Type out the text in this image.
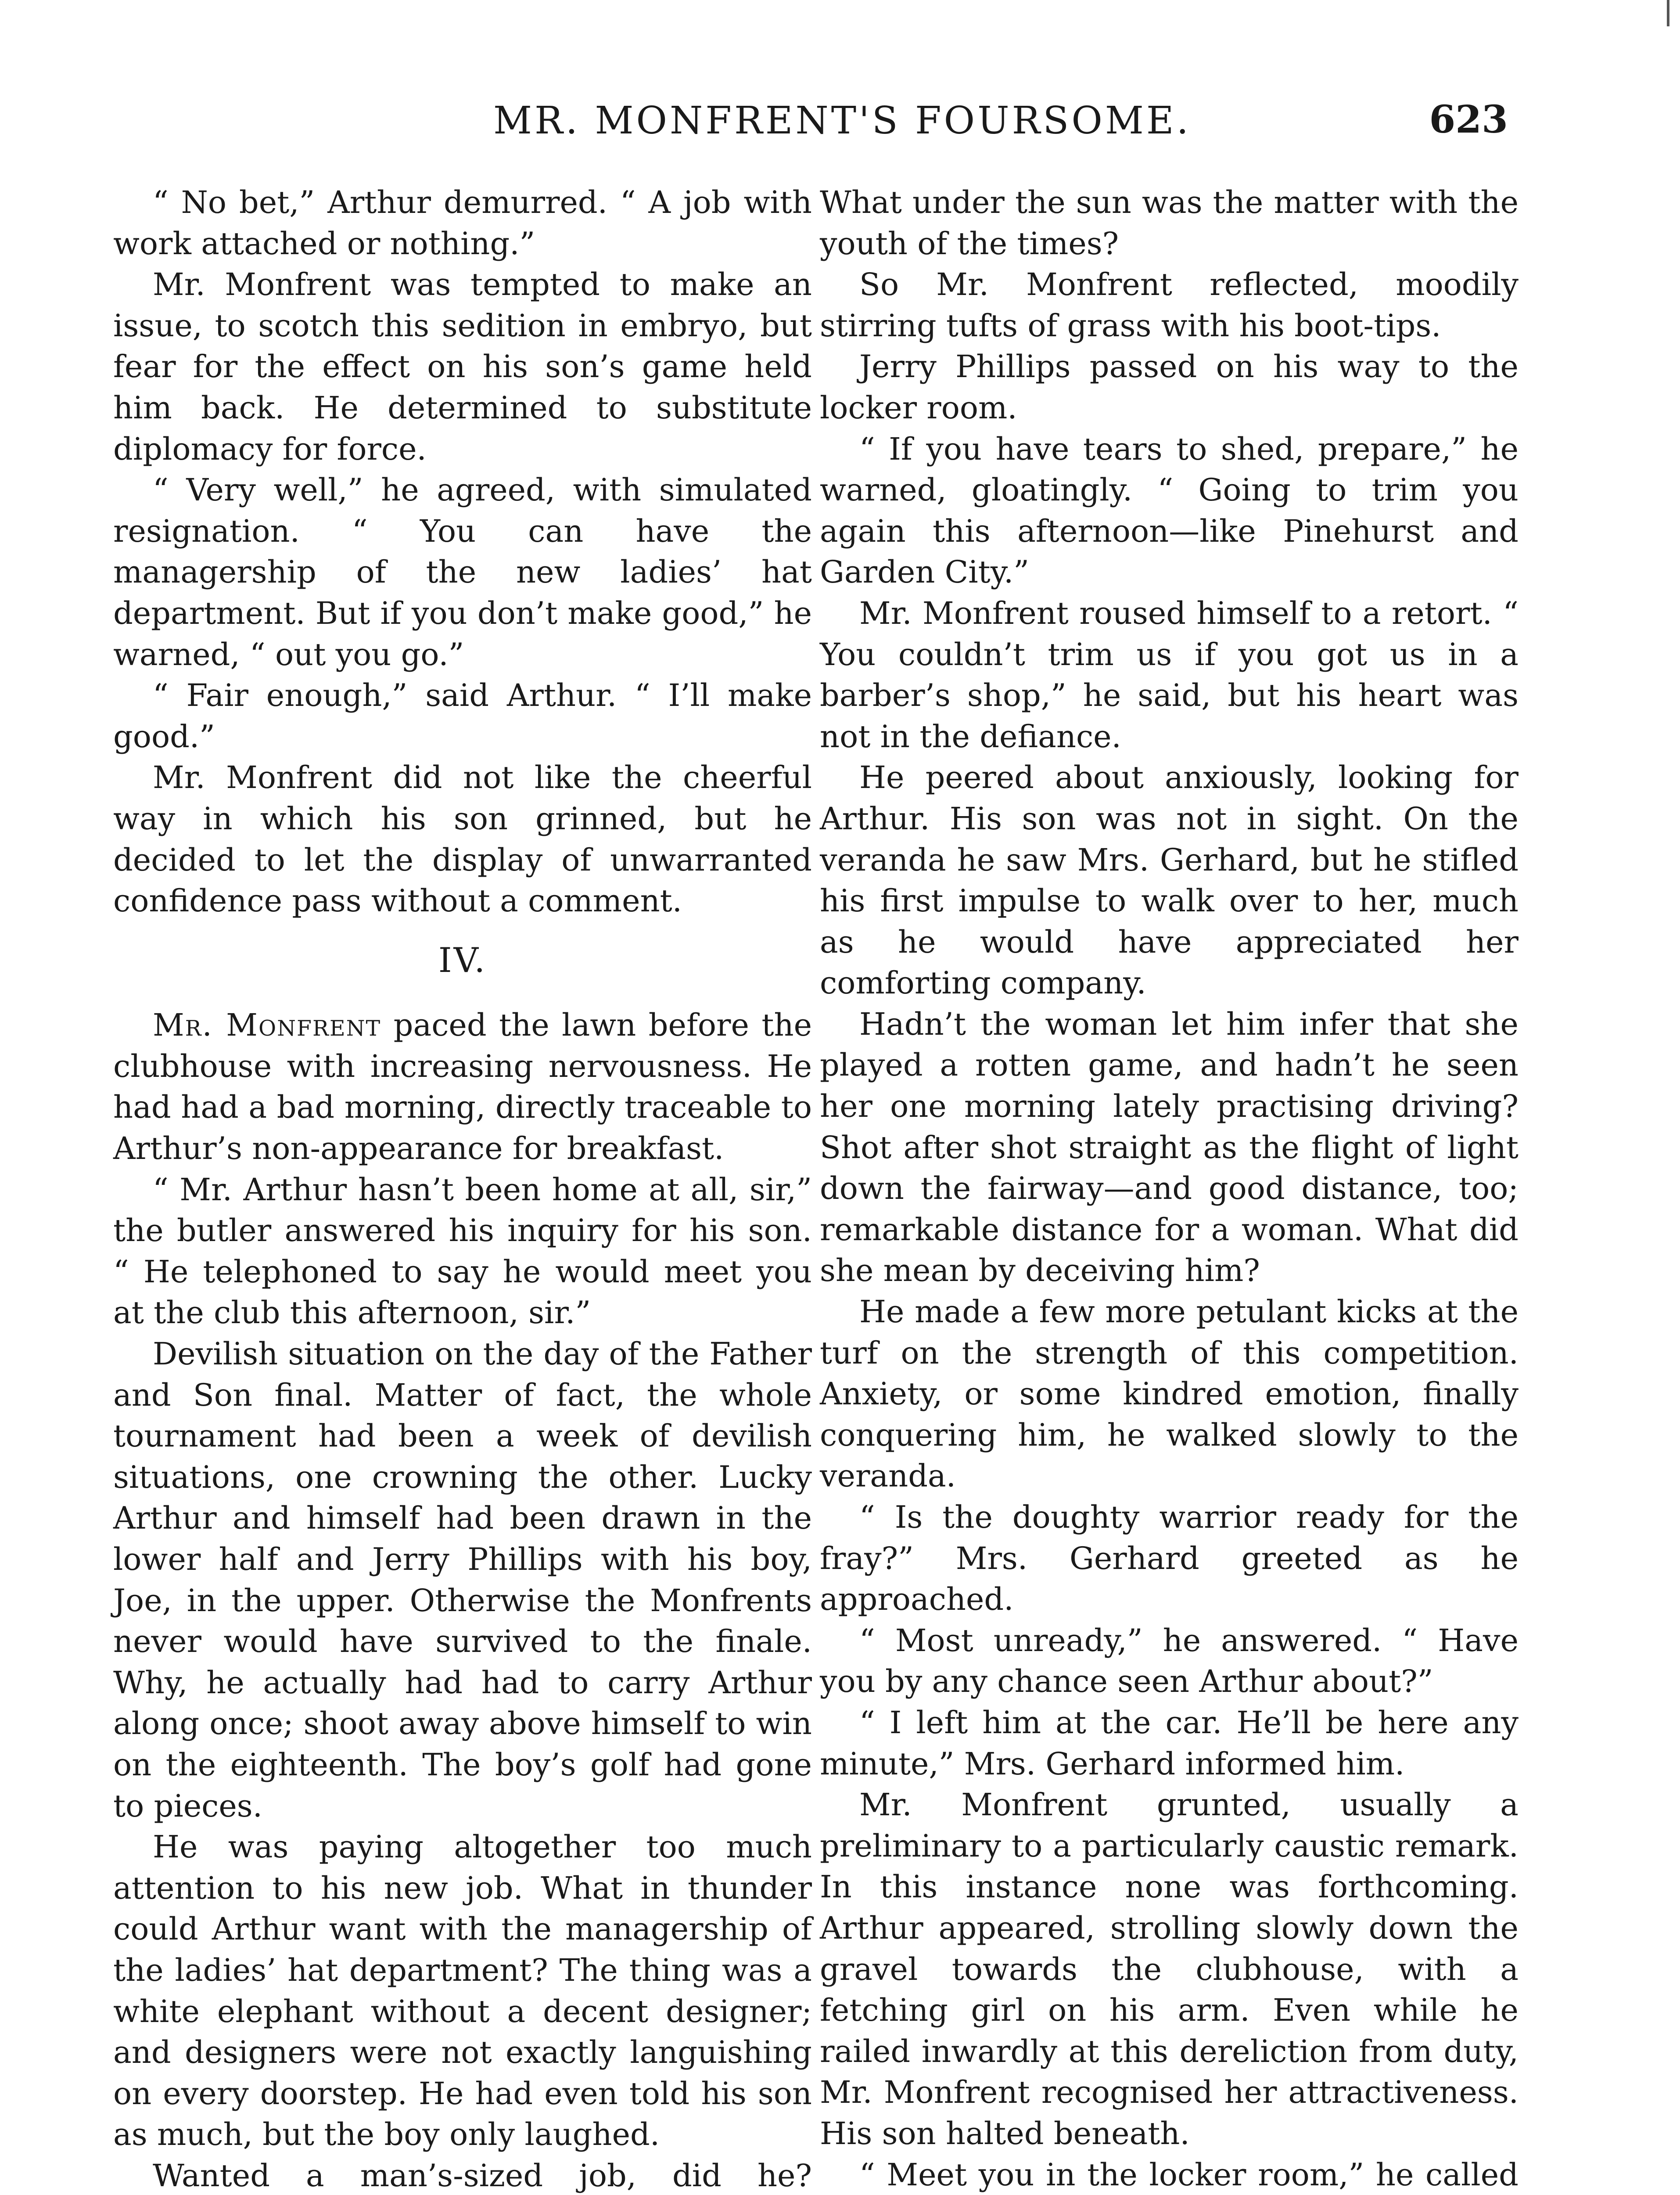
MR. MONFRENT'S FOURSOME.	623

“ No bet,” Arthur demurred. “ A job with work attached or nothing.”

Mr. Monfrent was tempted to make an issue, to scotch this sedition in embryo, but fear for the effect on his son’s game held him back. He determined to substitute diplomacy for force.

“ Very well,” he agreed, with simulated resignation. “ You can have the managership of the new ladies’ hat department. But if you don’t make good,” he warned, “ out you go.”

“ Fair enough,” said Arthur. “ I’ll make good.”

Mr. Monfrent did not like the cheerful way in which his son grinned, but he decided to let the display of unwarranted confidence pass without a comment.

IV.

Mr. Monfrent paced the lawn before the clubhouse with increasing nervousness. He had had a bad morning, directly traceable to Arthur’s non-appearance for breakfast.

“ Mr. Arthur hasn’t been home at all, sir,” the butler answered his inquiry for his son. “ He telephoned to say he would meet you at the club this afternoon, sir.”

Devilish situation on the day of the Father and Son final. Matter of fact, the whole tournament had been a week of devilish situations, one crowning the other. Lucky Arthur and himself had been drawn in the lower half and Jerry Phillips with his boy, Joe, in the upper. Otherwise the Monfrents never would have survived to the finale. Why, he actually had had to carry Arthur along once; shoot away above himself to win on the eighteenth. The boy’s golf had gone to pieces.

He was paying altogether too much attention to his new job. What in thunder could Arthur want with the managership of the ladies’ hat department? The thing was a white elephant without a decent designer; and designers were not exactly languishing on every doorstep. He had even told his son as much, but the boy only laughed.

Wanted a man’s-sized job, did he?

What under the sun was the matter with the youth of the times?

So Mr. Monfrent reflected, moodily stirring tufts of grass with his boot-tips.

Jerry Phillips passed on his way to the locker room.

“ If you have tears to shed, prepare,” he warned, gloatingly. “ Going to trim you again this afternoon—like Pinehurst and Garden City.”

Mr. Monfrent roused himself to a retort. “ You couldn’t trim us if you got us in a barber’s shop,” he said, but his heart was not in the defiance.

He peered about anxiously, looking for Arthur. His son was not in sight. On the veranda he saw Mrs. Gerhard, but he stifled his first impulse to walk over to her, much as he would have appreciated her comforting company.

Hadn’t the woman let him infer that she played a rotten game, and hadn’t he seen her one morning lately practising driving? Shot after shot straight as the flight of light down the fairway—and good distance, too; remarkable distance for a woman. What did she mean by deceiving him?

He made a few more petulant kicks at the turf on the strength of this competition. Anxiety, or some kindred emotion, finally conquering him, he walked slowly to the veranda.

“ Is the doughty warrior ready for the fray?” Mrs. Gerhard greeted as he approached.

“ Most unready,” he answered. “ Have you by any chance seen Arthur about?”

“ I left him at the car. He’ll be here any minute,” Mrs. Gerhard informed him.

Mr. Monfrent grunted, usually a preliminary to a particularly caustic remark. In this instance none was forthcoming. Arthur appeared, strolling slowly down the gravel towards the clubhouse, with a fetching girl on his arm. Even while he railed inwardly at this dereliction from duty, Mr. Monfrent recognised her attractiveness. His son halted beneath.

“ Meet you in the locker room,” he called
